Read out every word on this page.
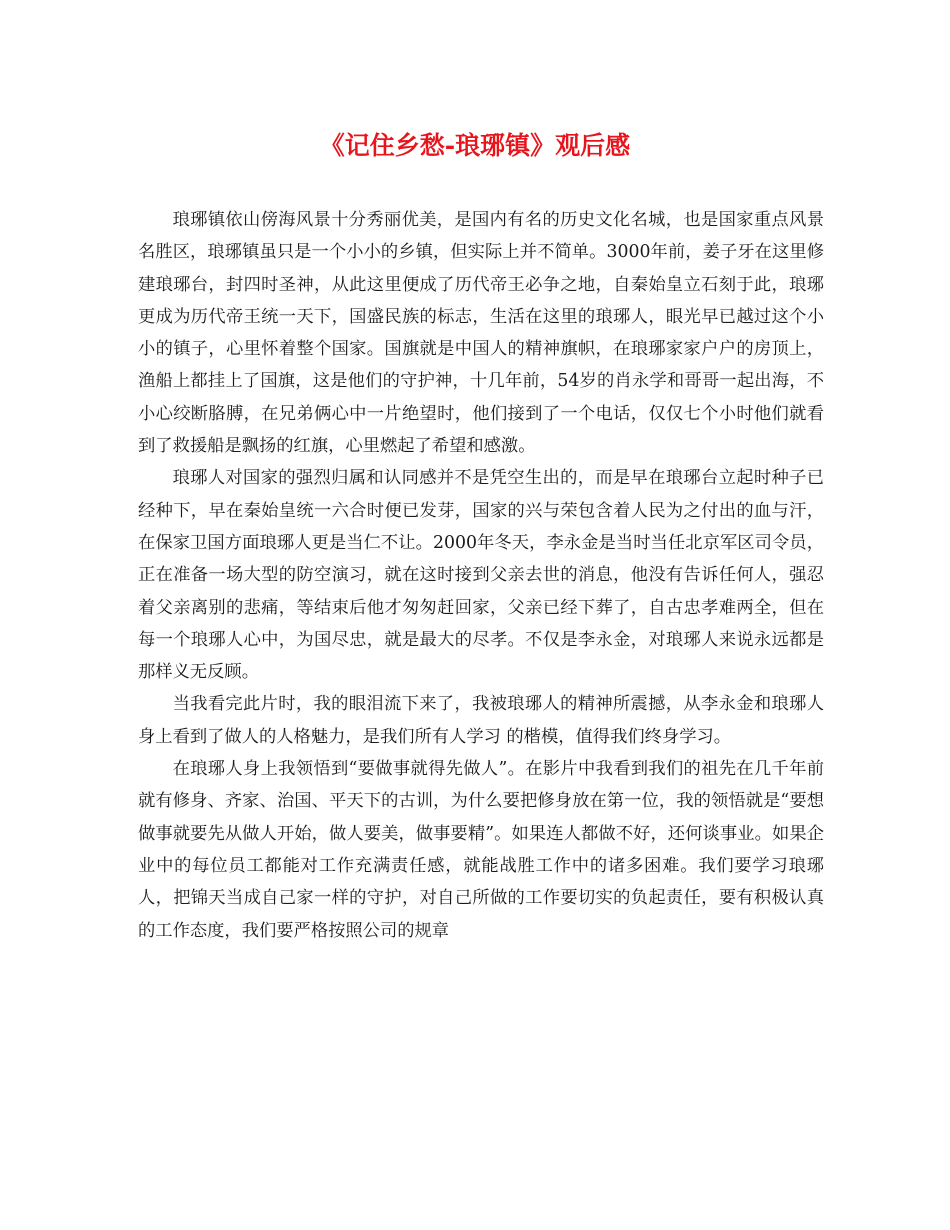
《记住乡愁-琅琊镇》观后感

琅琊镇依山傍海风景十分秀丽优美，是国内有名的历史文化名城，也是国家重点风景名胜区，琅琊镇虽只是一个小小的乡镇，但实际上并不简单。3000年前，姜子牙在这里修建琅琊台，封四时圣神，从此这里便成了历代帝王必争之地，自秦始皇立石刻于此，琅琊更成为历代帝王统一天下，国盛民族的标志，生活在这里的琅琊人，眼光早已越过这个小小的镇子，心里怀着整个国家。国旗就是中国人的精神旗帜，在琅琊家家户户的房顶上，渔船上都挂上了国旗，这是他们的守护神，十几年前，54岁的肖永学和哥哥一起出海，不小心绞断胳膊，在兄弟俩心中一片绝望时，他们接到了一个电话，仅仅七个小时他们就看到了救援船是飘扬的红旗，心里燃起了希望和感激。

琅琊人对国家的强烈归属和认同感并不是凭空生出的，而是早在琅琊台立起时种子已经种下，早在秦始皇统一六合时便已发芽，国家的兴与荣包含着人民为之付出的血与汗，在保家卫国方面琅琊人更是当仁不让。2000年冬天，李永金是当时当任北京军区司令员，正在准备一场大型的防空演习，就在这时接到父亲去世的消息，他没有告诉任何人，强忍着父亲离别的悲痛，等结束后他才匆匆赶回家，父亲已经下葬了，自古忠孝难两全，但在每一个琅琊人心中，为国尽忠，就是最大的尽孝。不仅是李永金，对琅琊人来说永远都是那样义无反顾。

当我看完此片时，我的眼泪流下来了，我被琅琊人的精神所震撼，从李永金和琅琊人身上看到了做人的人格魅力，是我们所有人学习 的楷模，值得我们终身学习。

在琅琊人身上我领悟到“要做事就得先做人”。在影片中我看到我们的祖先在几千年前就有修身、齐家、治国、平天下的古训，为什么要把修身放在第一位，我的领悟就是“要想做事就要先从做人开始，做人要美，做事要精”。如果连人都做不好，还何谈事业。如果企业中的每位员工都能对工作充满责任感，就能战胜工作中的诸多困难。我们要学习琅琊人，把锦天当成自己家一样的守护，对自己所做的工作要切实的负起责任，要有积极认真的工作态度，我们要严格按照公司的规章
